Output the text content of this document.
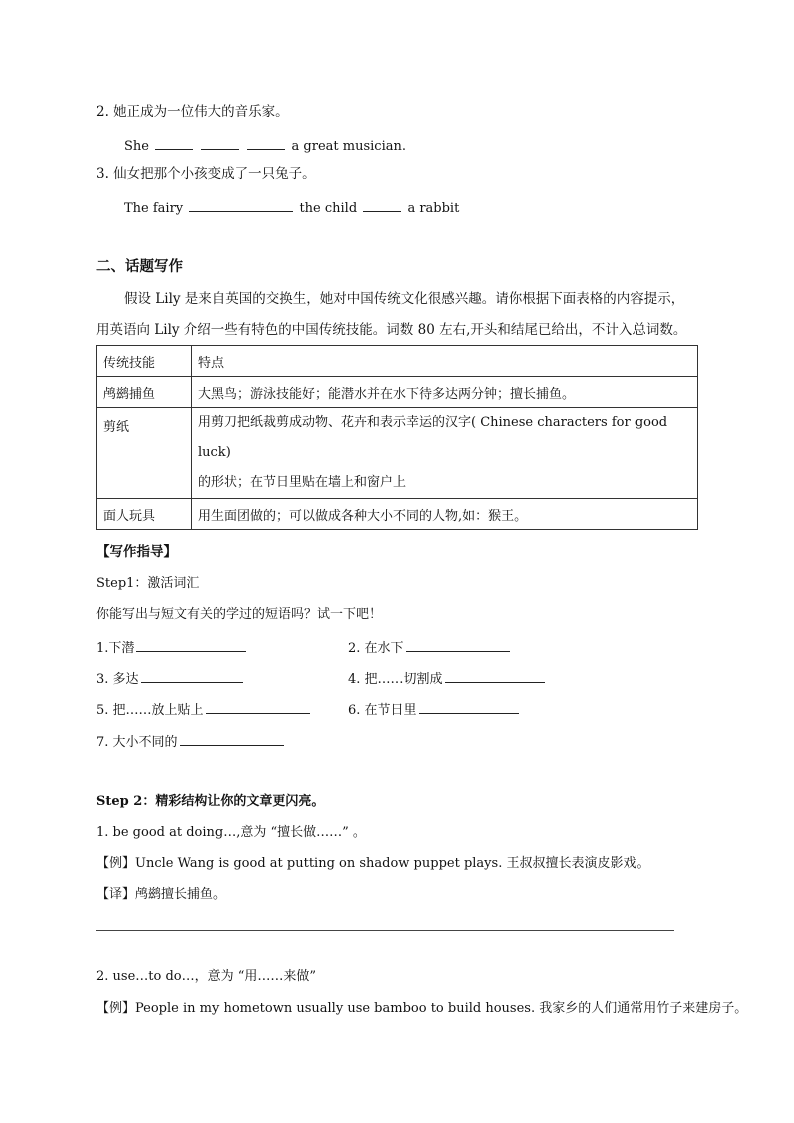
2. 她正成为一位伟大的音乐家。
She	a great musician.
3. 仙女把那个小孩变成了一只兔子。
The fairy	the child	a rabbit
二、话题写作
假设 Lily 是来自英国的交换生，她对中国传统文化很感兴趣。请你根据下面表格的内容提示，
用英语向 Lily 介绍一些有特色的中国传统技能。词数 80 左右,开头和结尾已给出，不计入总词数。
传统技能	特点
鸬鹚捕鱼	大黑鸟；游泳技能好；能潜水并在水下待多达两分钟；擅长捕鱼。
剪纸	用剪刀把纸裁剪成动物、花卉和表示幸运的汉字( Chinese characters for good luck)
的形状；在节日里贴在墙上和窗户上

面人玩具	用生面团做的；可以做成各种大小不同的人物,如：猴王。
【写作指导】
Step1：激活词汇
你能写出与短文有关的学过的短语吗？试一下吧！
1.下潜	2. 在水下
3. 多达	4. 把……切割成
5. 把……放上贴上	6. 在节日里
7. 大小不同的
Step 2：精彩结构让你的文章更闪亮。
1. be good at doing…,意为 “擅长做……” 。
【例】Uncle Wang is good at putting on shadow puppet plays. 王叔叔擅长表演皮影戏。
【译】鸬鹚擅长捕鱼。
2. use…to do…，意为 “用……来做”
【例】People in my hometown usually use bamboo to build houses. 我家乡的人们通常用竹子来建房子。
